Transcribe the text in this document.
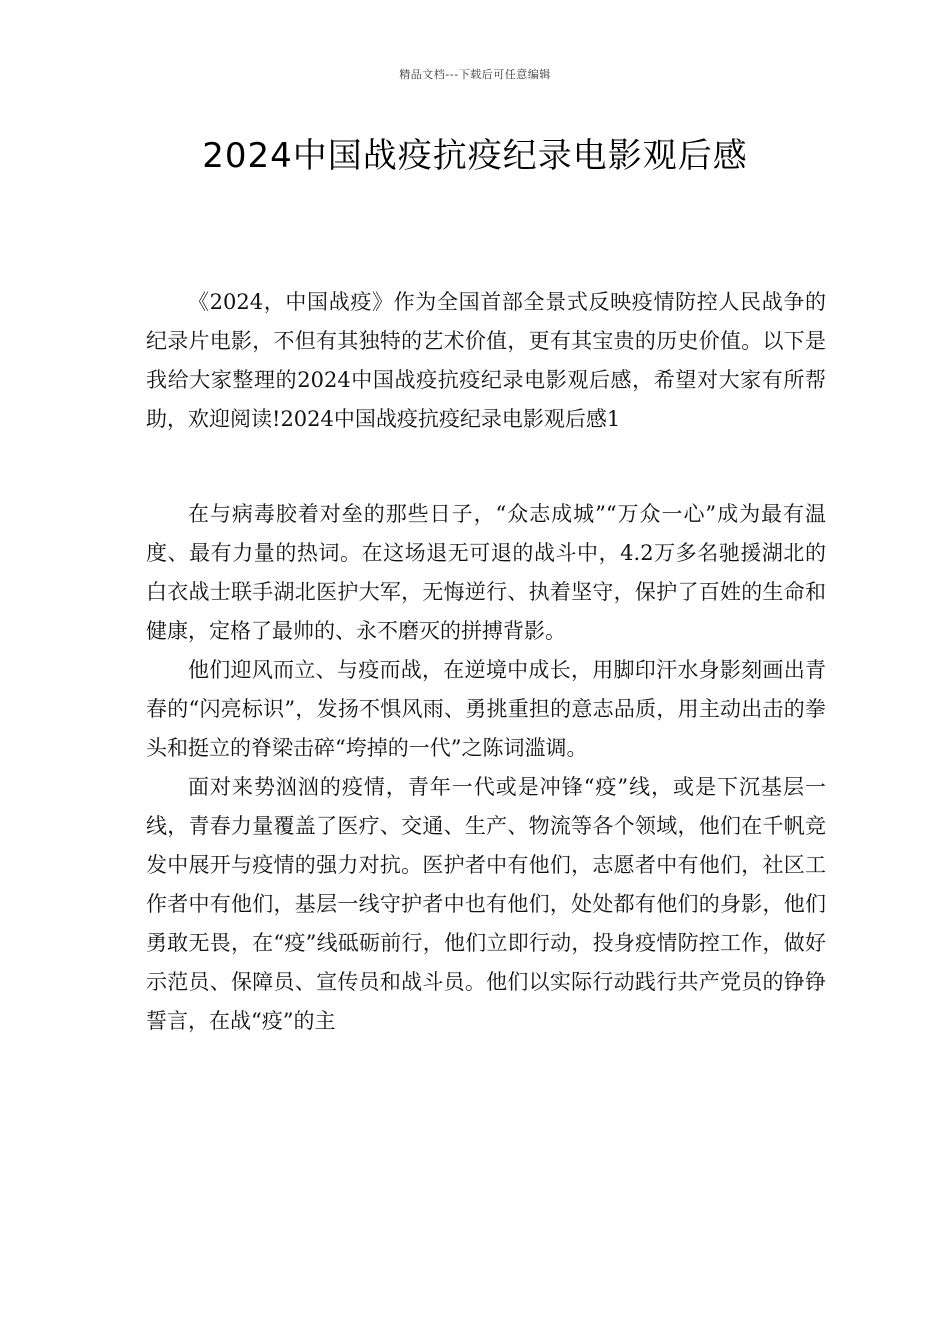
精品文档---下载后可任意编辑
2024中国战疫抗疫纪录电影观后感

《2024，中国战疫》作为全国首部全景式反映疫情防控人民战争的纪录片电影，不但有其独特的艺术价值，更有其宝贵的历史价值。以下是我给大家整理的2024中国战疫抗疫纪录电影观后感，希望对大家有所帮助，欢迎阅读!2024中国战疫抗疫纪录电影观后感1

在与病毒胶着对垒的那些日子，“众志成城”“万众一心”成为最有温度、最有力量的热词。在这场退无可退的战斗中，4.2万多名驰援湖北的白衣战士联手湖北医护大军，无悔逆行、执着坚守，保护了百姓的生命和健康，定格了最帅的、永不磨灭的拼搏背影。

他们迎风而立、与疫而战，在逆境中成长，用脚印汗水身影刻画出青春的“闪亮标识”，发扬不惧风雨、勇挑重担的意志品质，用主动出击的拳头和挺立的脊梁击碎“垮掉的一代”之陈词滥调。

面对来势汹汹的疫情，青年一代或是冲锋“疫”线，或是下沉基层一线，青春力量覆盖了医疗、交通、生产、物流等各个领域，他们在千帆竞发中展开与疫情的强力对抗。医护者中有他们，志愿者中有他们，社区工作者中有他们，基层一线守护者中也有他们，处处都有他们的身影，他们勇敢无畏，在“疫”线砥砺前行，他们立即行动，投身疫情防控工作，做好示范员、保障员、宣传员和战斗员。他们以实际行动践行共产党员的铮铮誓言，在战“疫”的主
